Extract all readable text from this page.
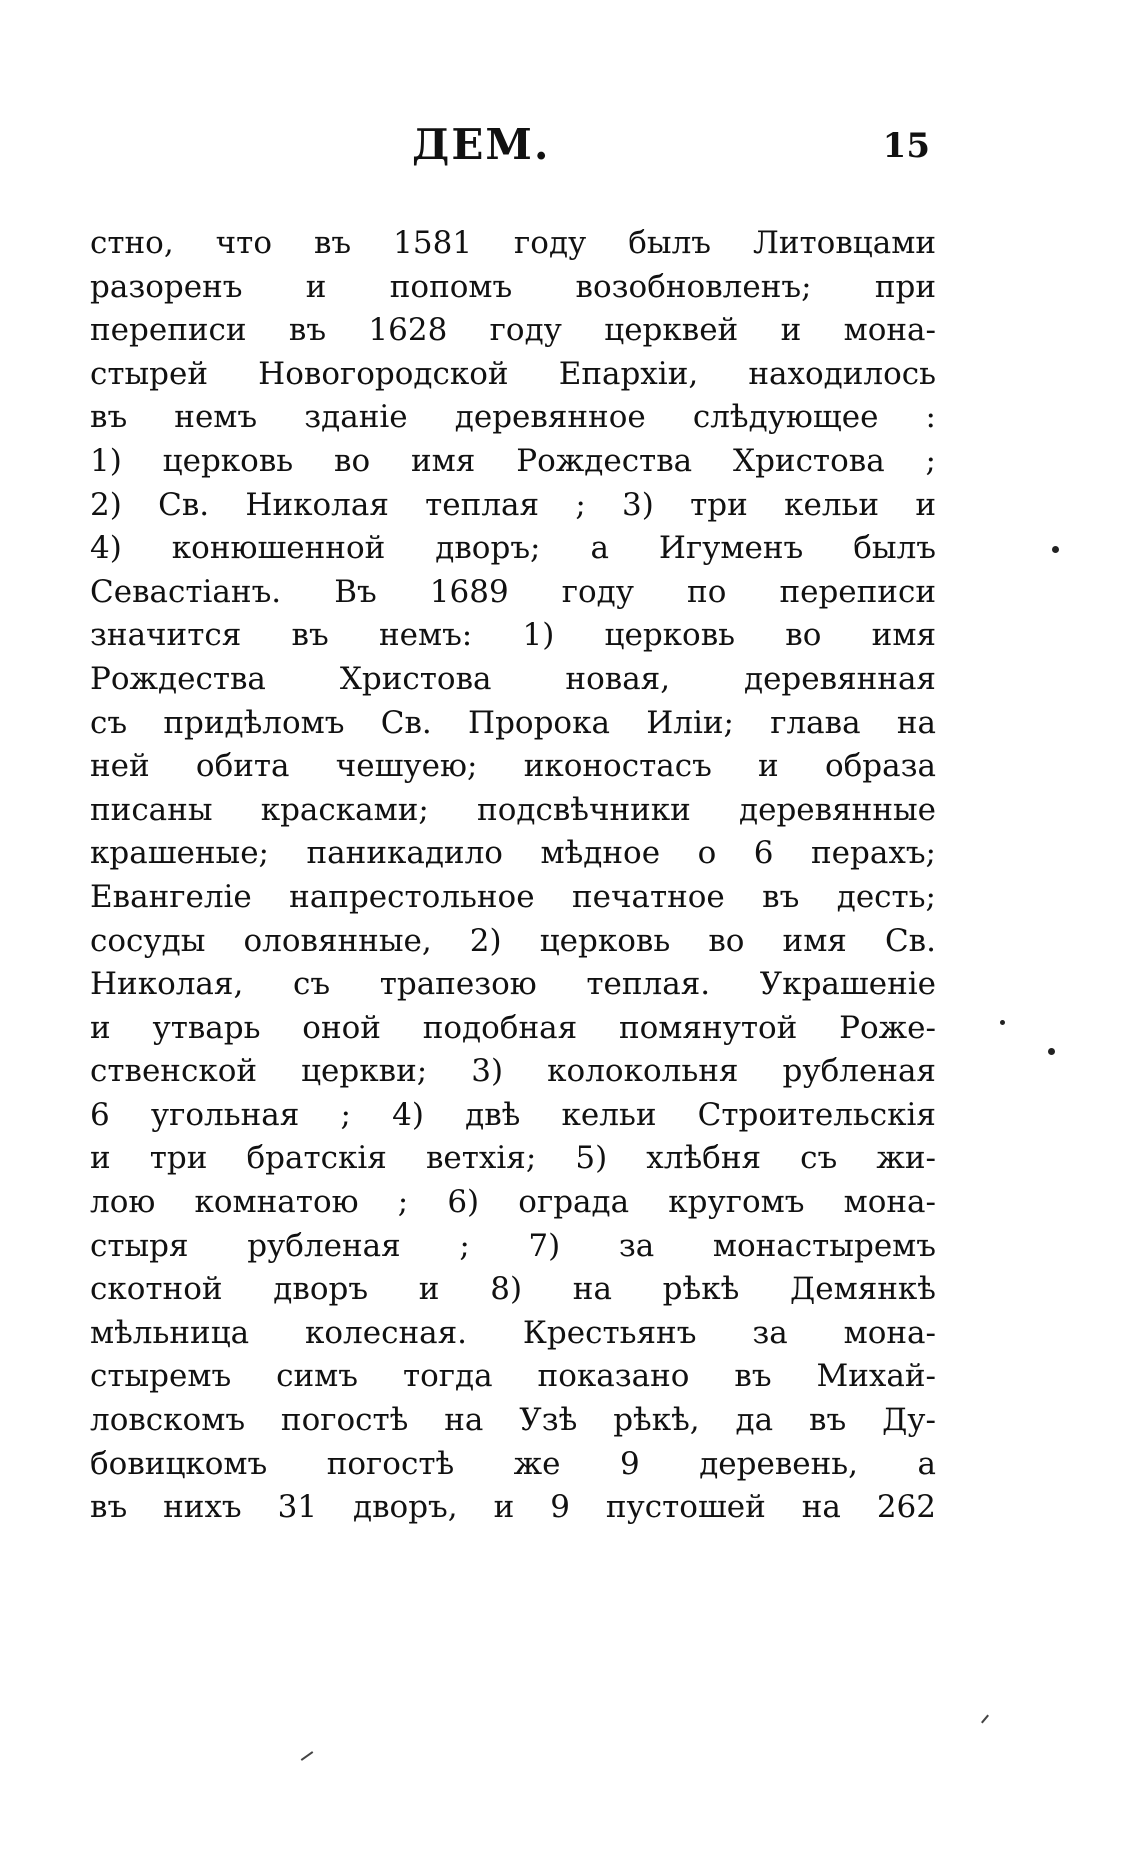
ДЕМ.	15
стно, что въ 1581 году былъ Литовцами
разоренъ и попомъ возобновленъ; при
переписи въ 1628 году церквей и мона-
стырей Новогородской Епархіи, находилось
въ немъ зданіе деревянное слѣдующее :
1) церковь во имя Рождества Христова ;
2) Св. Николая теплая ; 3) три кельи и
4) конюшенной дворъ; а Игуменъ былъ
Севастіанъ. Въ 1689 году по переписи
значится въ немъ: 1) церковь во имя
Рождества Христова новая, деревянная
съ придѣломъ Св. Пророка Иліи; глава на
ней обита чешуею; иконостасъ и образа
писаны красками; подсвѣчники деревянные
крашеные; паникадило мѣдное о 6 перахъ;
Евангеліе напрестольное печатное въ десть;
сосуды оловянные, 2) церковь во имя Св.
Николая, съ трапезою теплая. Украшеніе
и утварь оной подобная помянутой Роже-
ственской церкви; 3) колокольня рубленая
6 угольная ; 4) двѣ кельи Строительскія
и три братскія ветхія; 5) хлѣбня съ жи-
лою комнатою ; 6) ограда кругомъ мона-
стыря рубленая ; 7) за монастыремъ
скотной дворъ и 8) на рѣкѣ Демянкѣ
мѣльница колесная. Крестьянъ за мона-
стыремъ симъ тогда показано въ Михай-
ловскомъ погостѣ на Узѣ рѣкѣ, да въ Ду-
бовицкомъ погостѣ же 9 деревень, а
въ нихъ 31 дворъ, и 9 пустошей на 262
